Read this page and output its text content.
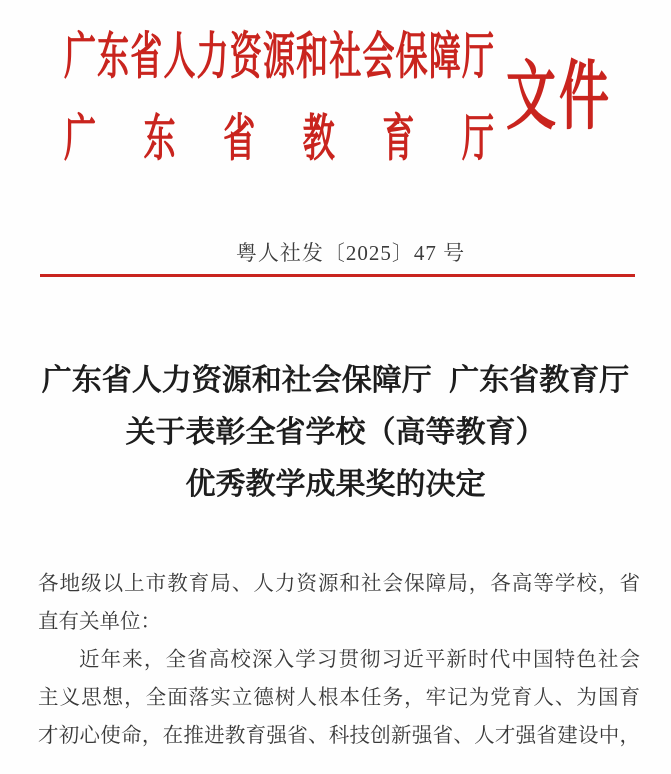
广东省人力资源和社会保障厅
广东省教育厅 文件
粤人社发〔2025〕47 号
广东省人力资源和社会保障厅 广东省教育厅
关于表彰全省学校（高等教育）
优秀教学成果奖的决定
各地级以上市教育局、人力资源和社会保障局，各高等学校，省
直有关单位：
近年来，全省高校深入学习贯彻习近平新时代中国特色社会
主义思想，全面落实立德树人根本任务，牢记为党育人、为国育
才初心使命，在推进教育强省、科技创新强省、人才强省建设中，
